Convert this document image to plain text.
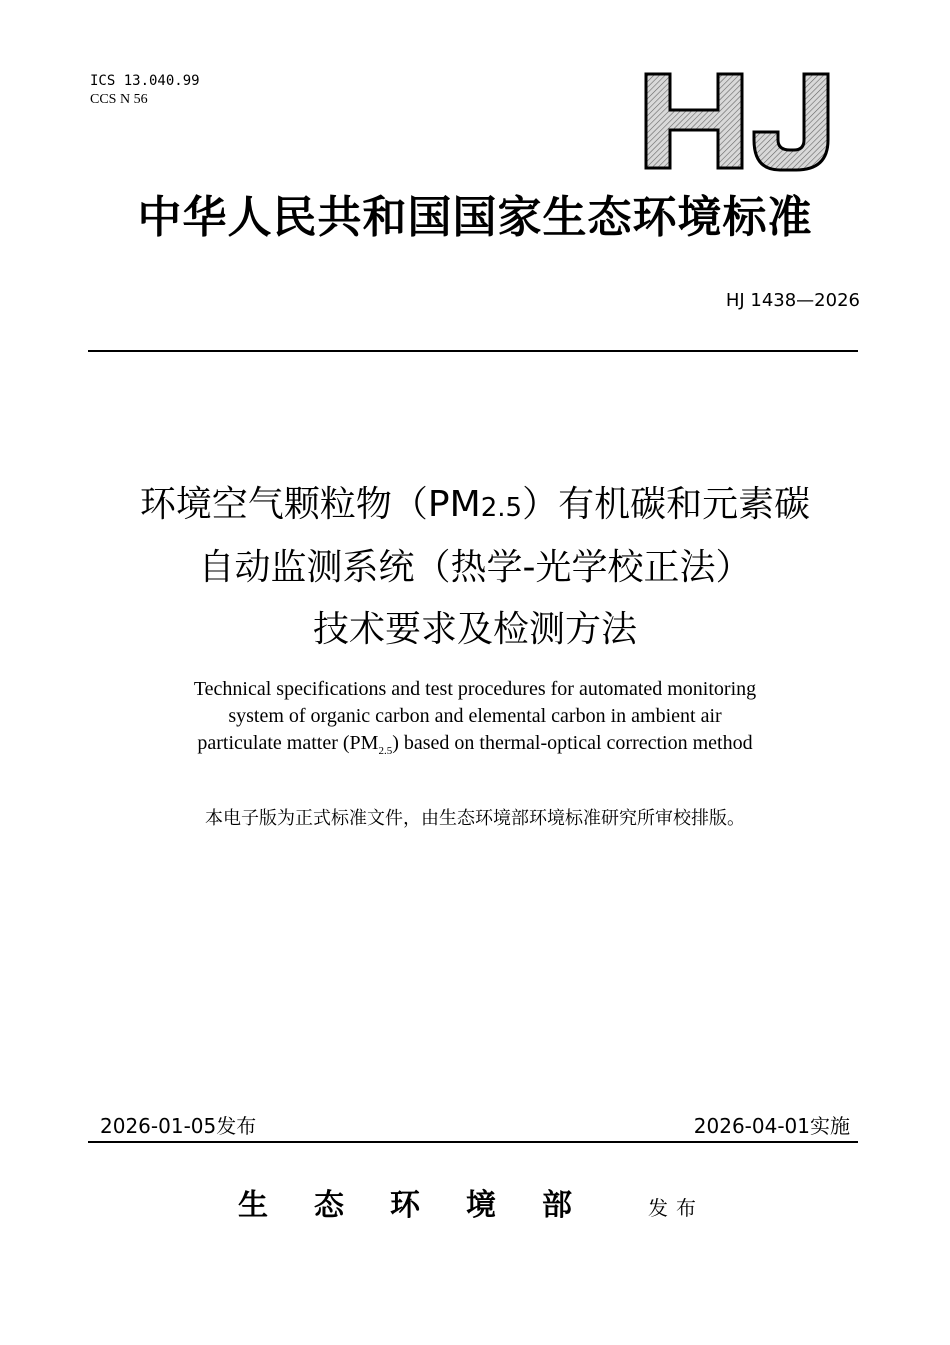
ICS 13.040.99
CCS N 56
中华人民共和国国家生态环境标准
HJ 1438—2026
环境空气颗粒物（PM2.5）有机碳和元素碳
自动监测系统（热学-光学校正法）
技术要求及检测方法
Technical specifications and test procedures for automated monitoring
system of organic carbon and elemental carbon in ambient air
particulate matter $(PM_{2.5})$ based on thermal-optical correction method
本电子版为正式标准文件，由生态环境部环境标准研究所审校排版。
2026-01-05发布	2026-04-01实施
生态环境部 发布
